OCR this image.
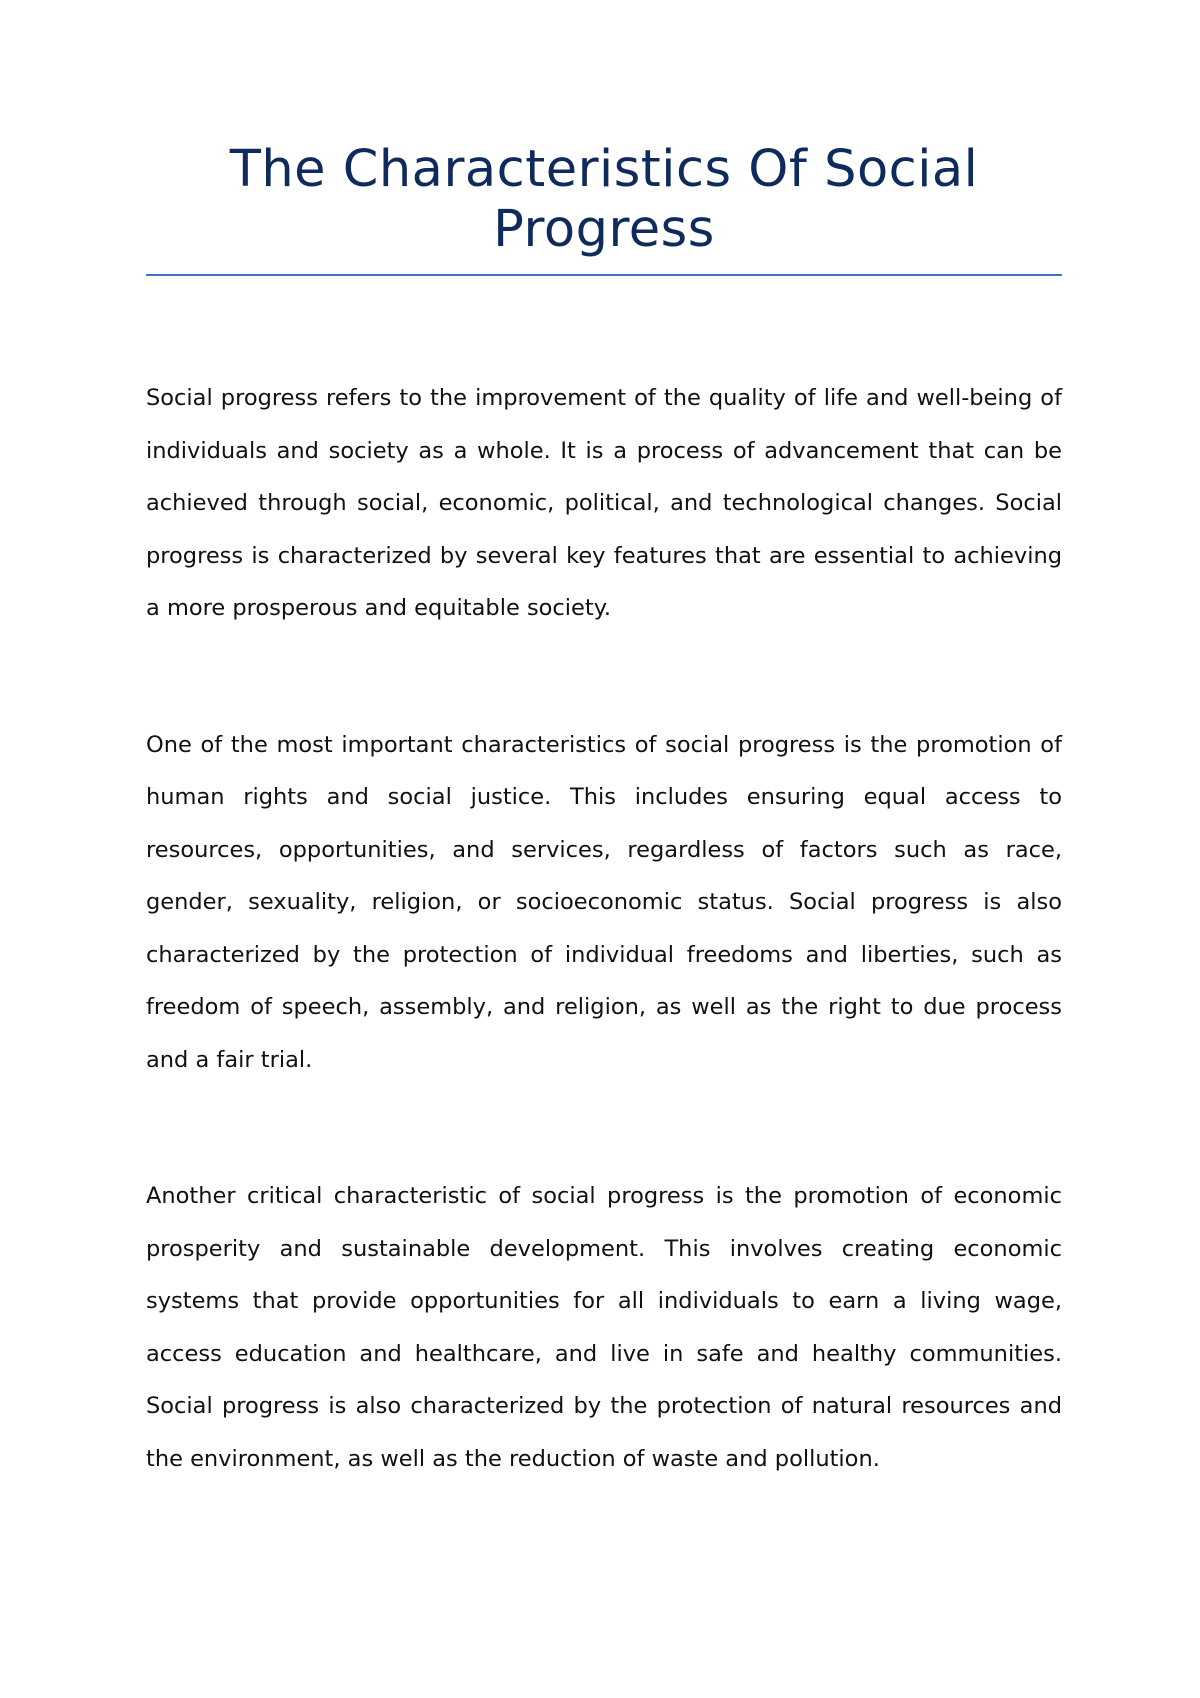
The Characteristics Of Social Progress

Social progress refers to the improvement of the quality of life and well-being of individuals and society as a whole. It is a process of advancement that can be achieved through social, economic, political, and technological changes. Social progress is characterized by several key features that are essential to achieving a more prosperous and equitable society.

One of the most important characteristics of social progress is the promotion of human rights and social justice. This includes ensuring equal access to resources, opportunities, and services, regardless of factors such as race, gender, sexuality, religion, or socioeconomic status. Social progress is also characterized by the protection of individual freedoms and liberties, such as freedom of speech, assembly, and religion, as well as the right to due process and a fair trial.

Another critical characteristic of social progress is the promotion of economic prosperity and sustainable development. This involves creating economic systems that provide opportunities for all individuals to earn a living wage, access education and healthcare, and live in safe and healthy communities. Social progress is also characterized by the protection of natural resources and the environment, as well as the reduction of waste and pollution.
